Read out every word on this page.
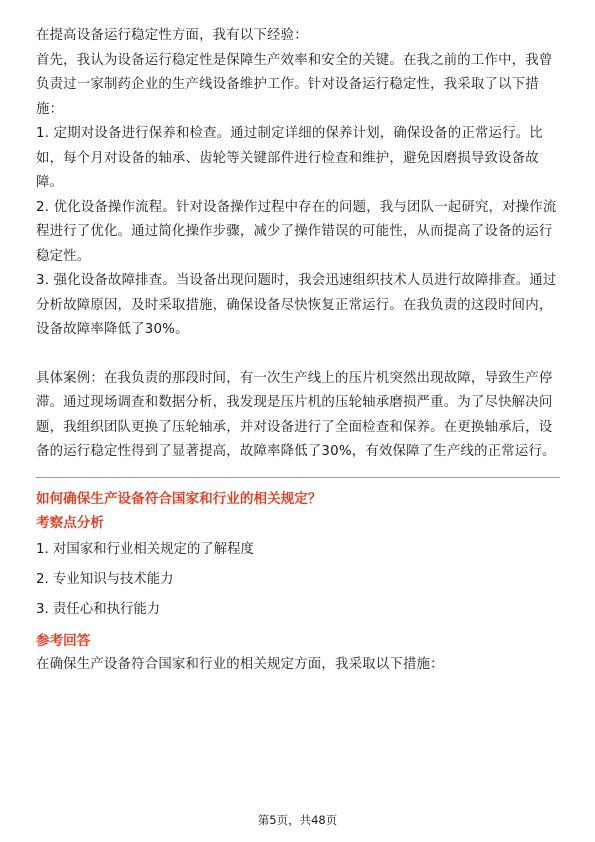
在提高设备运行稳定性方面，我有以下经验：

首先，我认为设备运行稳定性是保障生产效率和安全的关键。在我之前的工作中，我曾负责过一家制药企业的生产线设备维护工作。针对设备运行稳定性，我采取了以下措施：

1. 定期对设备进行保养和检查。通过制定详细的保养计划，确保设备的正常运行。比如，每个月对设备的轴承、齿轮等关键部件进行检查和维护，避免因磨损导致设备故障。

2. 优化设备操作流程。针对设备操作过程中存在的问题，我与团队一起研究，对操作流程进行了优化。通过简化操作步骤，减少了操作错误的可能性，从而提高了设备的运行稳定性。

3. 强化设备故障排查。当设备出现问题时，我会迅速组织技术人员进行故障排查。通过分析故障原因，及时采取措施，确保设备尽快恢复正常运行。在我负责的这段时间内，设备故障率降低了30%。

具体案例：在我负责的那段时间，有一次生产线上的压片机突然出现故障，导致生产停滞。通过现场调查和数据分析，我发现是压片机的压轮轴承磨损严重。为了尽快解决问题，我组织团队更换了压轮轴承，并对设备进行了全面检查和保养。在更换轴承后，设备的运行稳定性得到了显著提高，故障率降低了30%，有效保障了生产线的正常运行。

如何确保生产设备符合国家和行业的相关规定？

考察点分析

1. 对国家和行业相关规定的了解程度

2. 专业知识与技术能力

3. 责任心和执行能力

参考回答

在确保生产设备符合国家和行业的相关规定方面，我采取以下措施：

第5页，共48页
